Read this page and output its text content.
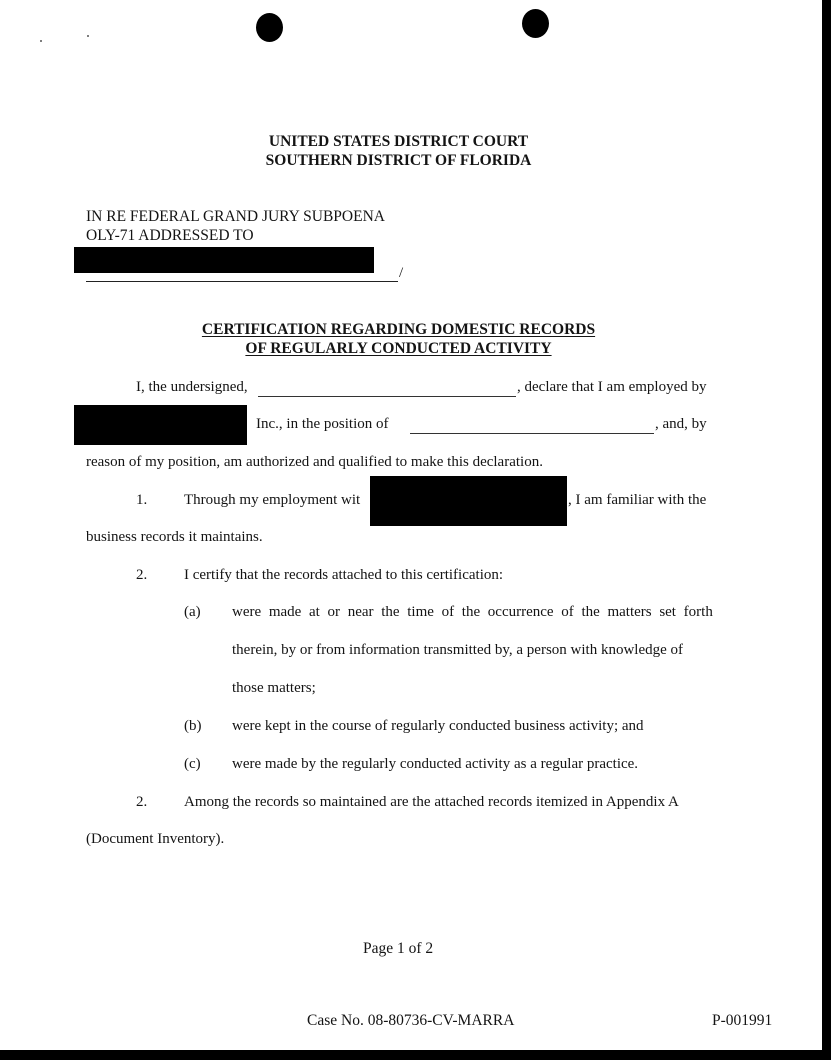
UNITED STATES DISTRICT COURT
SOUTHERN DISTRICT OF FLORIDA
IN RE FEDERAL GRAND JURY SUBPOENA
OLY-71 ADDRESSED TO
/
CERTIFICATION REGARDING DOMESTIC RECORDS
OF REGULARLY CONDUCTED ACTIVITY
I, the undersigned,	, declare that I am employed by
Inc., in the position of	, and, by
reason of my position, am authorized and qualified to make this declaration.
1. Through my employment wit	, I am familiar with the
business records it maintains.
2. I certify that the records attached to this certification:
(a) were made at or near the time of the occurrence of the matters set forth
therein, by or from information transmitted by, a person with knowledge of
those matters;
(b) were kept in the course of regularly conducted business activity; and
(c) were made by the regularly conducted activity as a regular practice.
2. Among the records so maintained are the attached records itemized in Appendix A
(Document Inventory).
Page 1 of 2
Case No. 08-80736-CV-MARRA	P-001991
